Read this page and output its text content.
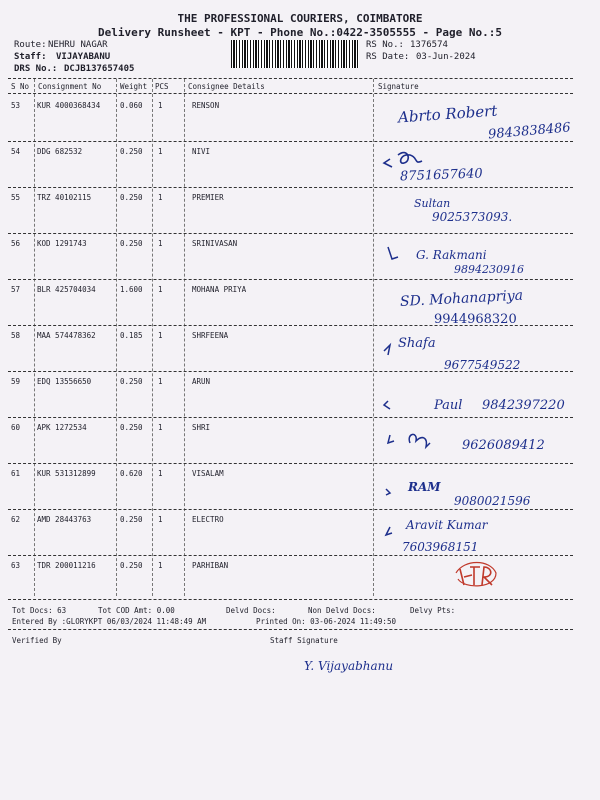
THE PROFESSIONAL COURIERS, COIMBATORE
Delivery Runsheet - KPT - Phone No.:0422-3505555 - Page No.:5
Route: NEHRU NAGAR
Staff: VIJAYABANU
DRS No.: DCJB137657405
RS No.: 1376574
RS Date: 03-Jun-2024
S No Consignment No	Weight PCS	Consignee Details	Signature
53 KUR 4000368434	0.060 1	RENSON	Abrto Robert
9843838486
54 DDG 682532	0.250 1	NIVI
8751657640
55 TRZ 40102115	0.250 1	PREMIER	Sultan
9025373093.
56 KOD 1291743	0.250 1	SRINIVASAN
G. Rakmani
9894230916
57 BLR 425704034	1.600 1	MOHANA PRIYA	SD. Mohanapriya
9944968320
58 MAA 574478362	0.185 1	SHRFEENA
Shafa
9677549522
59 EDQ 13556650	0.250 1	ARUN
Paul 9842397220
60 APK 1272534	0.250 1	SHRI
9626089412
61 KUR 531312899	0.620 1	VISALAM
RAM
9080021596
62 AMD 28443763	0.250 1	ELECTRO	Aravit Kumar
7603968151
63 TDR 200011216	0.250 1	PARHIBAN
Tot Docs: 63	Tot COD Amt: 0.00	Delvd Docs:	Non Delvd Docs:	Delvy Pts:
Entered By :GLORYKPT 06/03/2024 11:48:49 AM	Printed On: 03-06-2024 11:49:50
Verified By	Staff Signature
Y. Vijayabhanu
